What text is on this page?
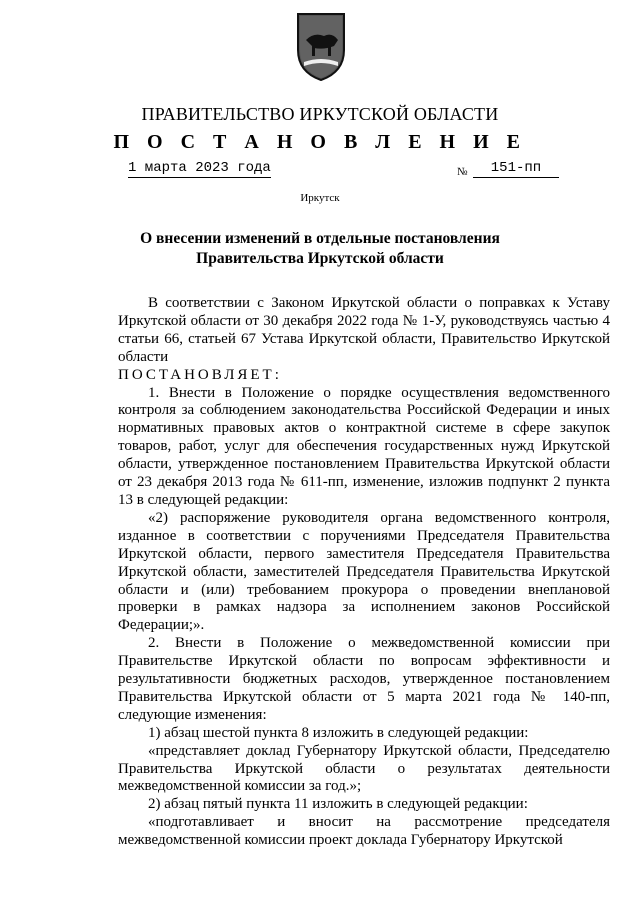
ПРАВИТЕЛЬСТВО ИРКУТСКОЙ ОБЛАСТИ
П О С Т А Н О В Л Е Н И Е
1 марта 2023 года	№	151-пп
Иркутск
О внесении изменений в отдельные постановления Правительства Иркутской области

В соответствии с Законом Иркутской области о поправках к Уставу Иркутской области от 30 декабря 2022 года № 1-У, руководствуясь частью 4 статьи 66, статьей 67 Устава Иркутской области, Правительство Иркутской области

ПОСТАНОВЛЯЕТ:

1. Внести в Положение о порядке осуществления ведомственного контроля за соблюдением законодательства Российской Федерации и иных нормативных правовых актов о контрактной системе в сфере закупок товаров, работ, услуг для обеспечения государственных нужд Иркутской области, утвержденное постановлением Правительства Иркутской области от 23 декабря 2013 года № 611-пп, изменение, изложив подпункт 2 пункта 13 в следующей редакции:

«2) распоряжение руководителя органа ведомственного контроля, изданное в соответствии с поручениями Председателя Правительства Иркутской области, первого заместителя Председателя Правительства Иркутской области, заместителей Председателя Правительства Иркутской области и (или) требованием прокурора о проведении внеплановой проверки в рамках надзора за исполнением законов Российской Федерации;».

2. Внести в Положение о межведомственной комиссии при Правительстве Иркутской области по вопросам эффективности и результативности бюджетных расходов, утвержденное постановлением Правительства Иркутской области от 5 марта 2021 года № 140-пп, следующие изменения:

1) абзац шестой пункта 8 изложить в следующей редакции:

«представляет доклад Губернатору Иркутской области, Председателю Правительства Иркутской области о результатах деятельности межведомственной комиссии за год.»;

2) абзац пятый пункта 11 изложить в следующей редакции:

«подготавливает и вносит на рассмотрение председателя межведомственной комиссии проект доклада Губернатору Иркутской
